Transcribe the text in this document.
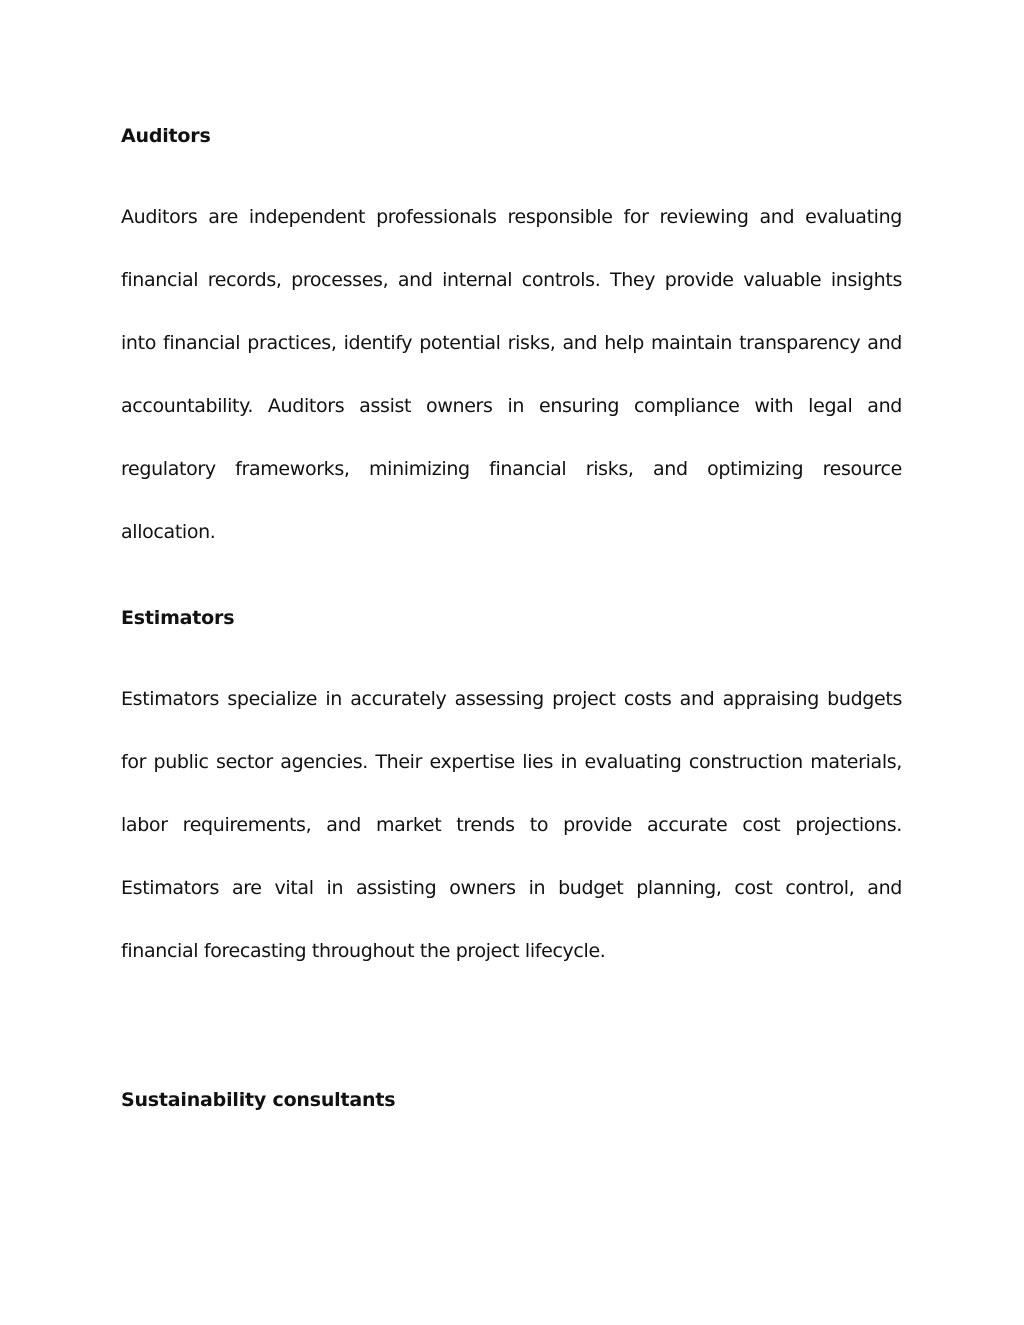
Auditors

Auditors are independent professionals responsible for reviewing and evaluating financial records, processes, and internal controls. They provide valuable insights into financial practices, identify potential risks, and help maintain transparency and accountability. Auditors assist owners in ensuring compliance with legal and regulatory frameworks, minimizing financial risks, and optimizing resource allocation.

Estimators

Estimators specialize in accurately assessing project costs and appraising budgets for public sector agencies. Their expertise lies in evaluating construction materials, labor requirements, and market trends to provide accurate cost projections. Estimators are vital in assisting owners in budget planning, cost control, and financial forecasting throughout the project lifecycle.

Sustainability consultants
